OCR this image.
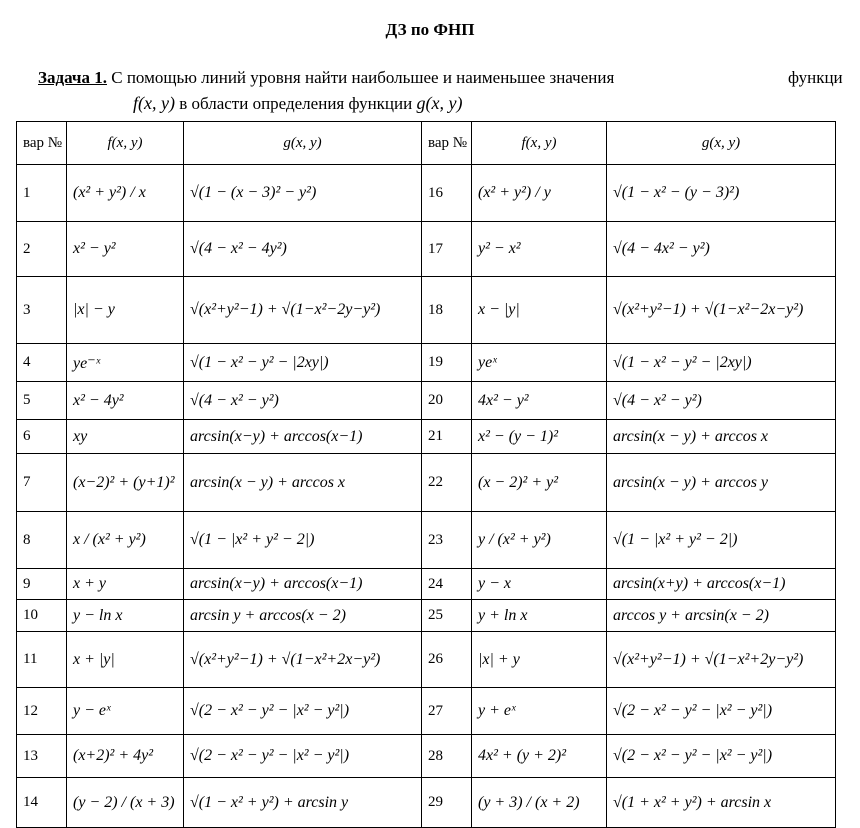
ДЗ по ФНП
Задача 1. С помощью линий уровня найти наибольшее и наименьшее значения	функци
f(x, y) в области определения функции g(x, y)
вар №	f(x, y)	g(x, y)	вар №	f(x, y)	g(x, y)
1	(x² + y²) / x	√(1 − (x − 3)² − y²)	16	(x² + y²) / y	√(1 − x² − (y − 3)²)
2	x² − y²	√(4 − x² − 4y²)	17	y² − x²	√(4 − 4x² − y²)
3	|x| − y	√(x²+y²−1) + √(1−x²−2y−y²)	18	x − |y|	√(x²+y²−1) + √(1−x²−2x−y²)
4	ye⁻ˣ	√(1 − x² − y² − |2xy|)	19	yeˣ	√(1 − x² − y² − |2xy|)
5	x² − 4y²	√(4 − x² − y²)	20	4x² − y²	√(4 − x² − y²)
6	xy	arcsin(x−y) + arccos(x−1)	21	x² − (y − 1)²	arcsin(x − y) + arccos x
7	(x−2)² + (y+1)²	arcsin(x − y) + arccos x	22	(x − 2)² + y²	arcsin(x − y) + arccos y
8	x / (x² + y²)	√(1 − |x² + y² − 2|)	23	y / (x² + y²)	√(1 − |x² + y² − 2|)
9	x + y	arcsin(x−y) + arccos(x−1)	24	y − x	arcsin(x+y) + arccos(x−1)
10	y − ln x	arcsin y + arccos(x − 2)	25	y + ln x	arccos y + arcsin(x − 2)
11	x + |y|	√(x²+y²−1) + √(1−x²+2x−y²)	26	|x| + y	√(x²+y²−1) + √(1−x²+2y−y²)
12	y − eˣ	√(2 − x² − y² − |x² − y²|)	27	y + eˣ	√(2 − x² − y² − |x² − y²|)
13	(x+2)² + 4y²	√(2 − x² − y² − |x² − y²|)	28	4x² + (y + 2)²	√(2 − x² − y² − |x² − y²|)
14	(y − 2) / (x + 3)	√(1 − x² + y²) + arcsin y	29	(y + 3) / (x + 2)	√(1 + x² + y²) + arcsin x
